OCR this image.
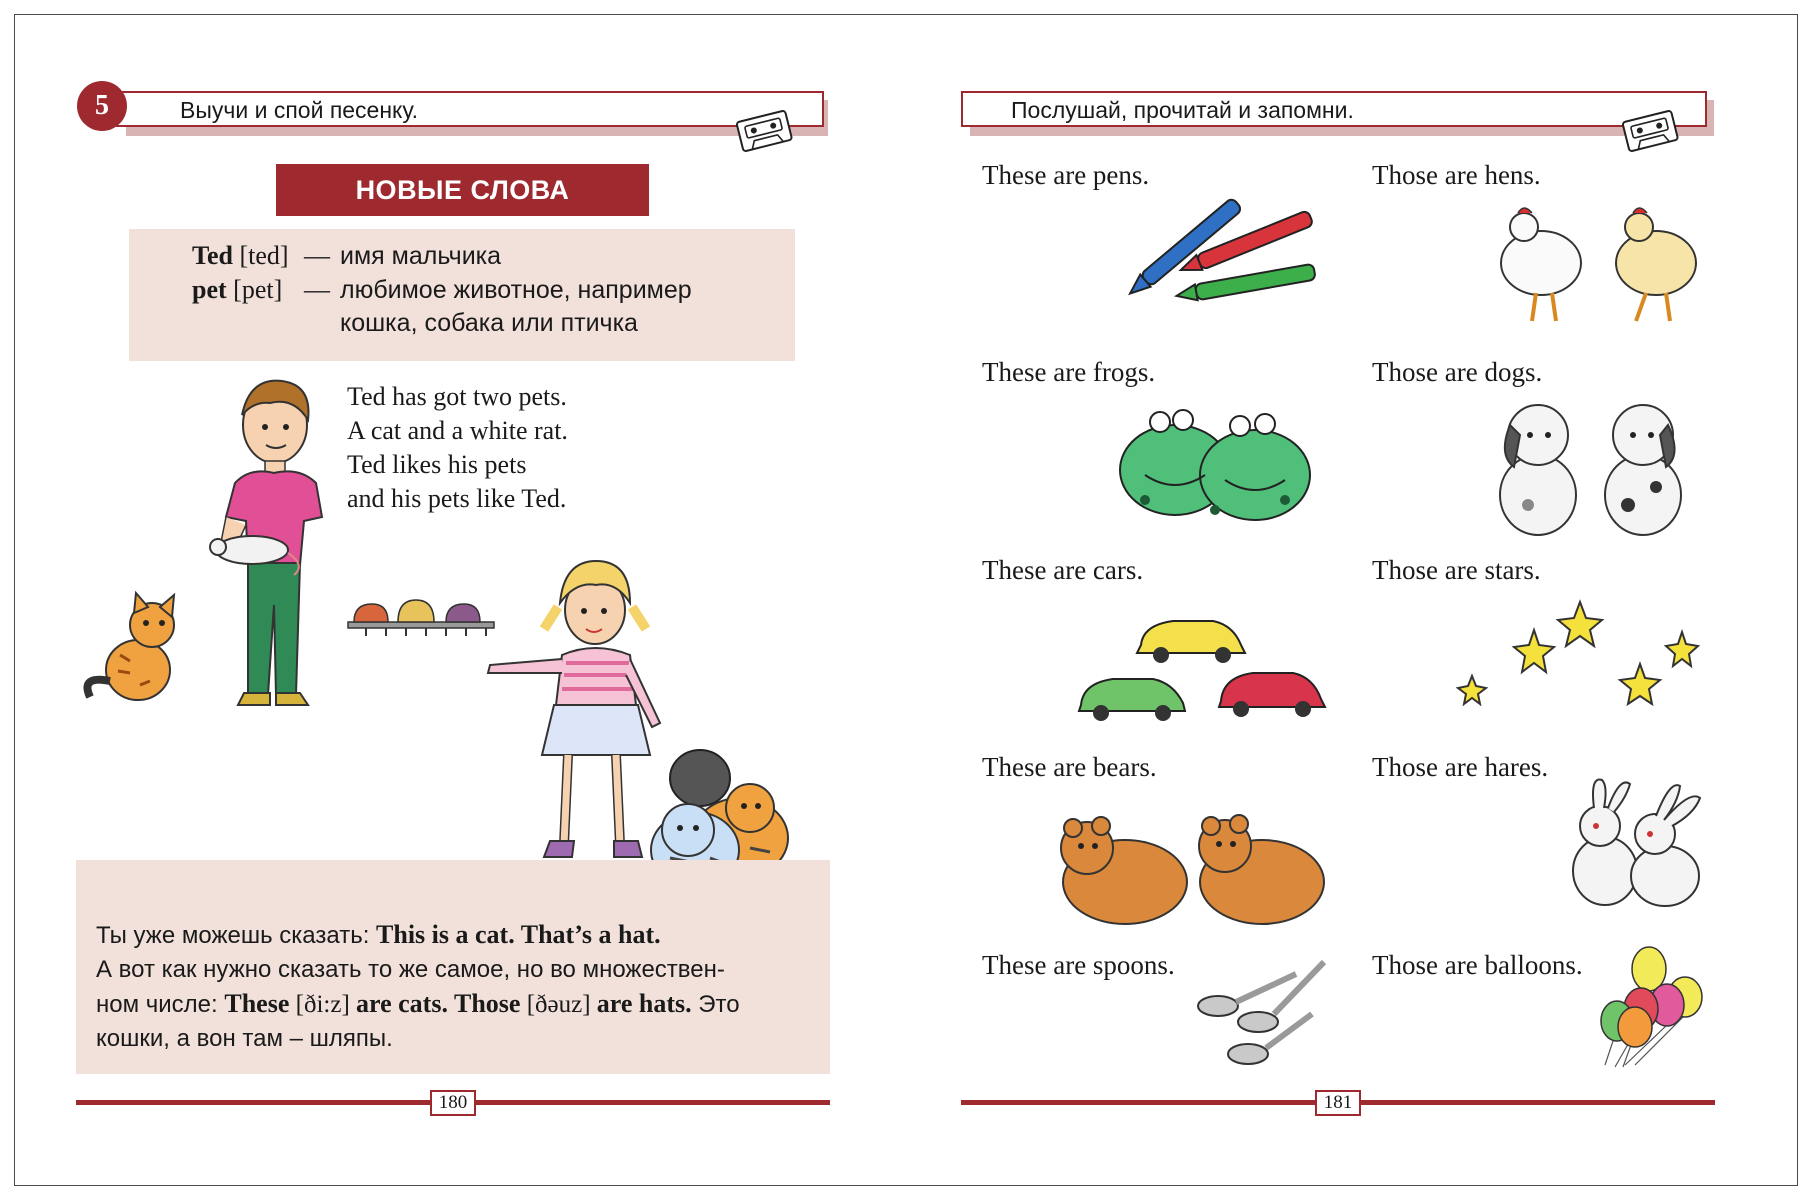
Выучи и спой песенку.
5
НОВЫЕ СЛОВА
Ted [ted] — имя мальчика
pet [pet] — любимое животное, например
кошка, собака или птичка
Ted has got two pets.
A cat and a white rat.
Ted likes his pets
and his pets like Ted.
Ты уже можешь сказать: This is a cat. That’s a hat.
А вот как нужно сказать то же самое, но во множествен-
ном числе: These [ði:z] are cats. Those [ðəuz] are hats. Это
кошки, а вон там – шляпы.
180
Послушай, прочитай и запомни.
These are pens.	Those are hens.
These are frogs.	Those are dogs.
These are cars.	Those are stars.
These are bears.	Those are hares.
These are spoons.	Those are balloons.
181
